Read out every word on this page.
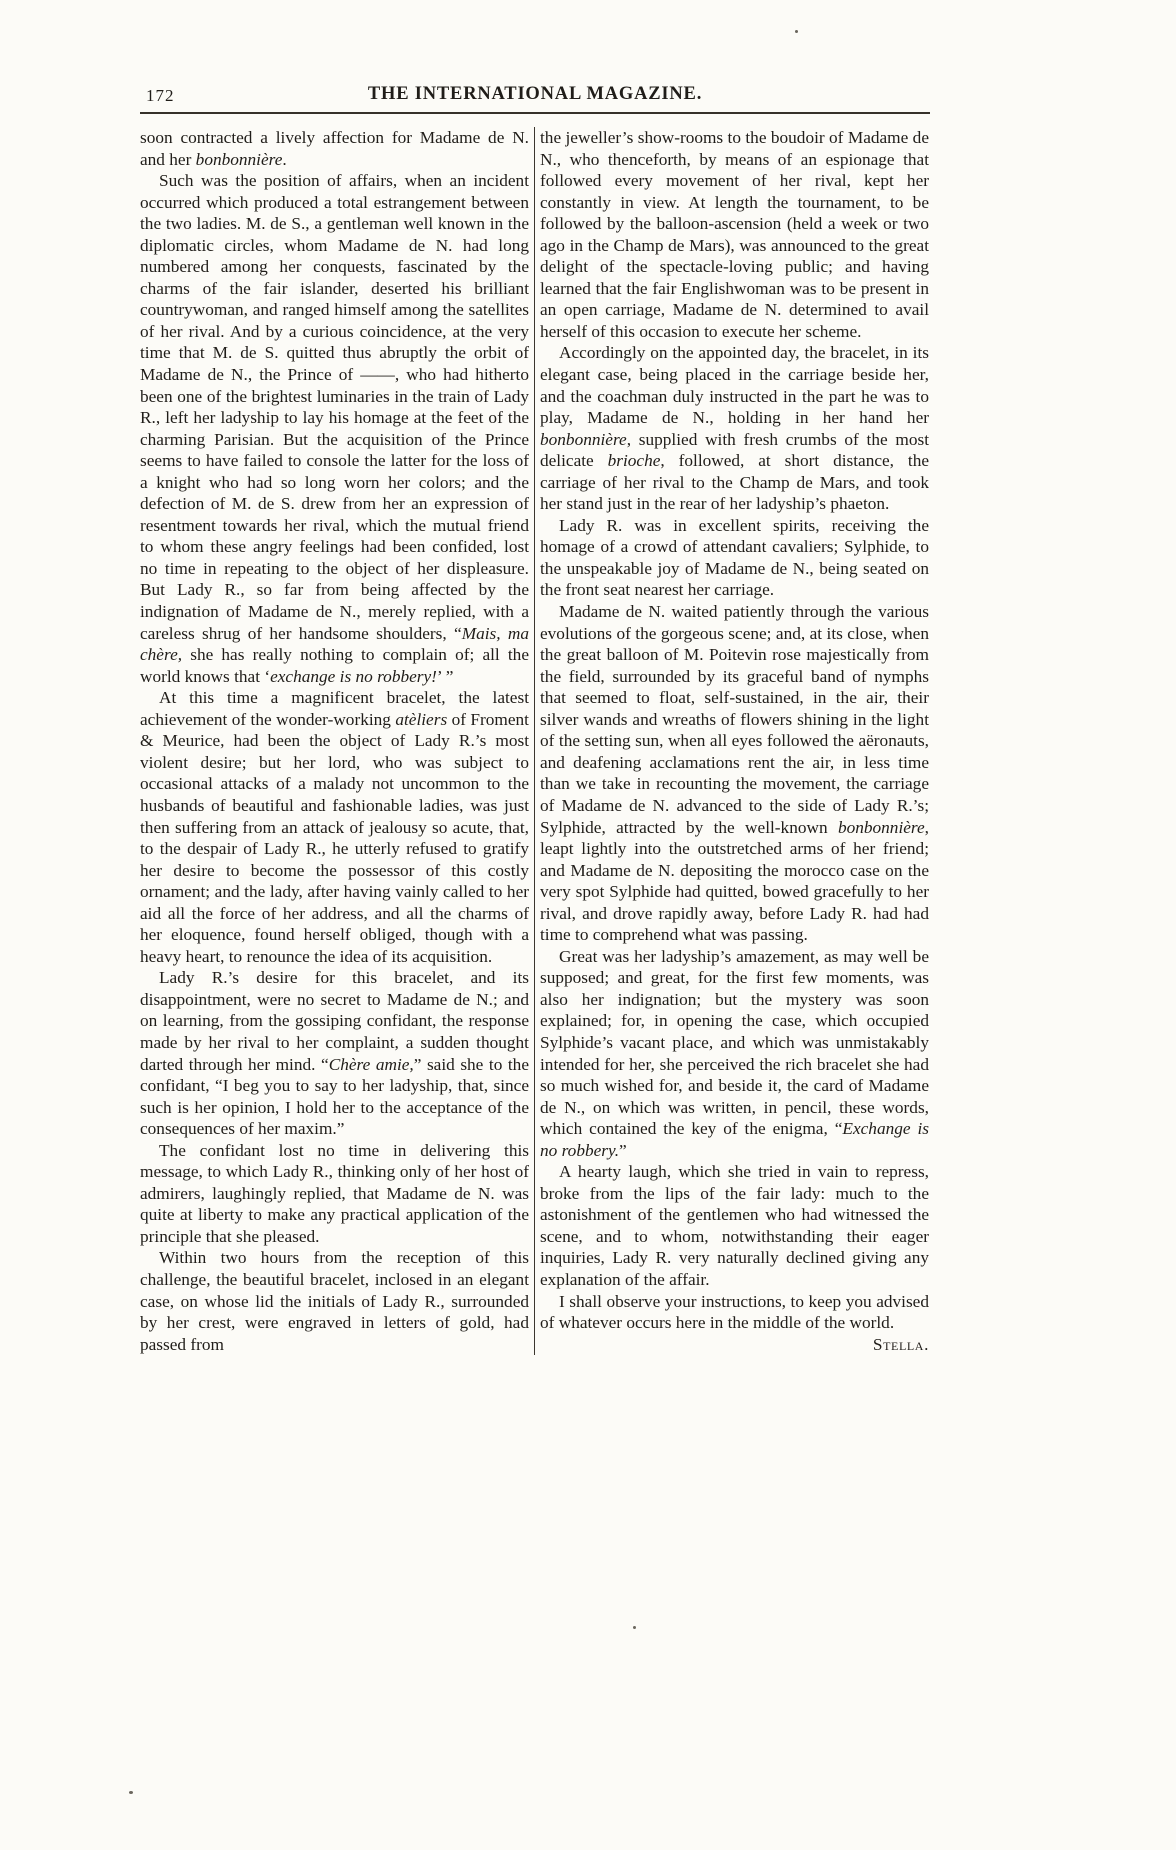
172	THE INTERNATIONAL MAGAZINE.

soon contracted a lively affection for Madame de N. and her bonbonnière.

Such was the position of affairs, when an incident occurred which produced a total estrangement between the two ladies. M. de S., a gentleman well known in the diplomatic circles, whom Madame de N. had long numbered among her conquests, fascinated by the charms of the fair islander, deserted his brilliant countrywoman, and ranged himself among the satellites of her rival. And by a curious coincidence, at the very time that M. de S. quitted thus abruptly the orbit of Madame de N., the Prince of ——, who had hitherto been one of the brightest luminaries in the train of Lady R., left her ladyship to lay his homage at the feet of the charming Parisian. But the acquisition of the Prince seems to have failed to console the latter for the loss of a knight who had so long worn her colors; and the defection of M. de S. drew from her an expression of resentment towards her rival, which the mutual friend to whom these angry feelings had been confided, lost no time in repeating to the object of her displeasure. But Lady R., so far from being affected by the indignation of Madame de N., merely replied, with a careless shrug of her handsome shoulders, “Mais, ma chère, she has really nothing to complain of; all the world knows that ‘exchange is no robbery!’ ”

At this time a magnificent bracelet, the latest achievement of the wonder-working atèliers of Froment & Meurice, had been the object of Lady R.’s most violent desire; but her lord, who was subject to occasional attacks of a malady not uncommon to the husbands of beautiful and fashionable ladies, was just then suffering from an attack of jealousy so acute, that, to the despair of Lady R., he utterly refused to gratify her desire to become the possessor of this costly ornament; and the lady, after having vainly called to her aid all the force of her address, and all the charms of her eloquence, found herself obliged, though with a heavy heart, to renounce the idea of its acquisition.

Lady R.’s desire for this bracelet, and its disappointment, were no secret to Madame de N.; and on learning, from the gossiping confidant, the response made by her rival to her complaint, a sudden thought darted through her mind. “Chère amie,” said she to the confidant, “I beg you to say to her ladyship, that, since such is her opinion, I hold her to the acceptance of the consequences of her maxim.”

The confidant lost no time in delivering this message, to which Lady R., thinking only of her host of admirers, laughingly replied, that Madame de N. was quite at liberty to make any practical application of the principle that she pleased.

Within two hours from the reception of this challenge, the beautiful bracelet, inclosed in an elegant case, on whose lid the initials of Lady R., surrounded by her crest, were engraved in letters of gold, had passed from

the jeweller’s show-rooms to the boudoir of Madame de N., who thenceforth, by means of an espionage that followed every movement of her rival, kept her constantly in view. At length the tournament, to be followed by the balloon-ascension (held a week or two ago in the Champ de Mars), was announced to the great delight of the spectacle-loving public; and having learned that the fair Englishwoman was to be present in an open carriage, Madame de N. determined to avail herself of this occasion to execute her scheme.

Accordingly on the appointed day, the bracelet, in its elegant case, being placed in the carriage beside her, and the coachman duly instructed in the part he was to play, Madame de N., holding in her hand her bonbonnière, supplied with fresh crumbs of the most delicate brioche, followed, at short distance, the carriage of her rival to the Champ de Mars, and took her stand just in the rear of her ladyship’s phaeton.

Lady R. was in excellent spirits, receiving the homage of a crowd of attendant cavaliers; Sylphide, to the unspeakable joy of Madame de N., being seated on the front seat nearest her carriage.

Madame de N. waited patiently through the various evolutions of the gorgeous scene; and, at its close, when the great balloon of M. Poitevin rose majestically from the field, surrounded by its graceful band of nymphs that seemed to float, self-sustained, in the air, their silver wands and wreaths of flowers shining in the light of the setting sun, when all eyes followed the aëronauts, and deafening acclamations rent the air, in less time than we take in recounting the movement, the carriage of Madame de N. advanced to the side of Lady R.’s; Sylphide, attracted by the well-known bonbonnière, leapt lightly into the outstretched arms of her friend; and Madame de N. depositing the morocco case on the very spot Sylphide had quitted, bowed gracefully to her rival, and drove rapidly away, before Lady R. had had time to comprehend what was passing.

Great was her ladyship’s amazement, as may well be supposed; and great, for the first few moments, was also her indignation; but the mystery was soon explained; for, in opening the case, which occupied Sylphide’s vacant place, and which was unmistakably intended for her, she perceived the rich bracelet she had so much wished for, and beside it, the card of Madame de N., on which was written, in pencil, these words, which contained the key of the enigma, “Exchange is no robbery.”

A hearty laugh, which she tried in vain to repress, broke from the lips of the fair lady: much to the astonishment of the gentlemen who had witnessed the scene, and to whom, notwithstanding their eager inquiries, Lady R. very naturally declined giving any explanation of the affair.

I shall observe your instructions, to keep you advised of whatever occurs here in the middle of the world.
Stella.
